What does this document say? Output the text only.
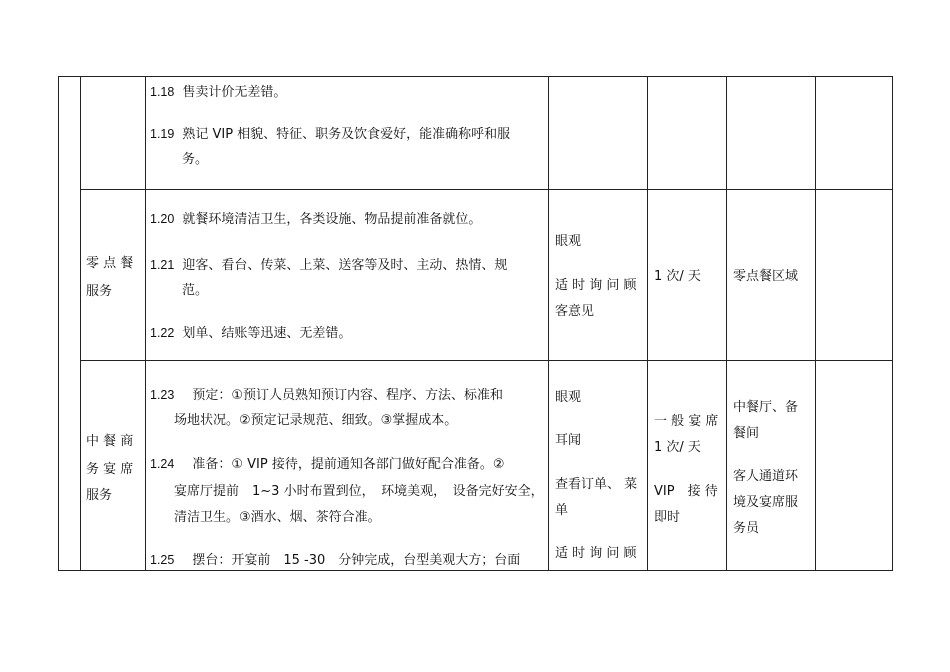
1.18 售卖计价无差错。
1.19 熟记 VIP 相貌、特征、职务及饮食爱好，能准确称呼和服
务。
零 点 餐
服务
1.20 就餐环境清洁卫生，各类设施、物品提前准备就位。
1.21 迎客、看台、传菜、上菜、送客等及时、主动、热情、规
范。
1.22 划单、结账等迅速、无差错。
眼观
适 时 询 问 顾
客意见
1 次/ 天 零点餐区域
中 餐 商
务 宴 席
服务
1.23 预定：①预订人员熟知预订内容、程序、方法、标准和
场地状况。②预定记录规范、细致。③掌握成本。
1.24 准备：① VIP 接待，提前通知各部门做好配合准备。②
宴席厅提前　1~3 小时布置到位，　环境美观，　设备完好安全，
清洁卫生。③酒水、烟、茶符合准。
1.25 摆台：开宴前　15 -30　分钟完成，台型美观大方；台面
眼观
耳闻
查看订单、 菜
单
适 时 询 问 顾
一 般 宴 席
1 次/ 天
VIP　接 待
即时
中餐厅、备
餐间
客人通道环
境及宴席服
务员
